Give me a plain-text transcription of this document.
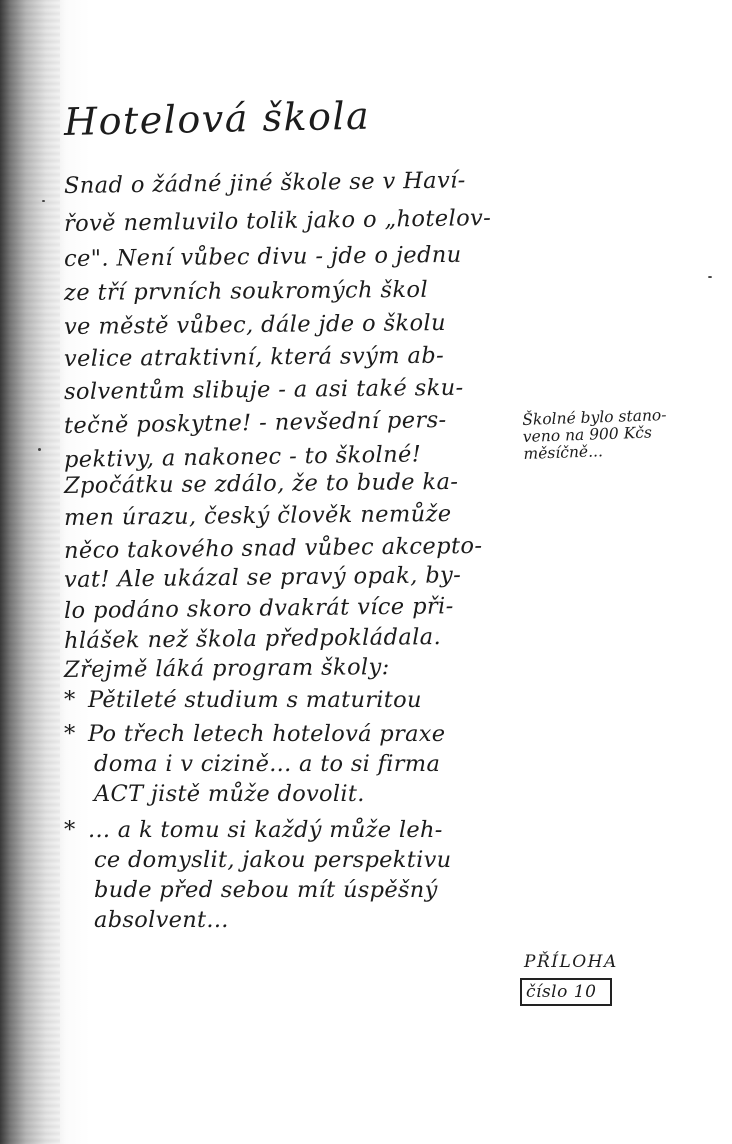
Hotelová škola
Snad o žádné jiné škole se v Haví-
řově nemluvilo tolik jako o „hotelov-
ce". Není vůbec divu - jde o jednu
ze tří prvních soukromých škol
ve městě vůbec, dále jde o školu
velice atraktivní, která svým ab-
solventům slibuje - a asi také sku-
tečně poskytne! - nevšední pers-
pektivy, a nakonec - to školné!
Zpočátku se zdálo, že to bude ka-
men úrazu, český člověk nemůže
něco takového snad vůbec akcepto-
vat! Ale ukázal se pravý opak, by-
lo podáno skoro dvakrát více při-
hlášek než škola předpokládala.
Zřejmě láká program školy:
* Pětileté studium s maturitou
* Po třech letech hotelová praxe
doma i v cizině... a to si firma
ACT jistě může dovolit.
* ... a k tomu si každý může leh-
ce domyslit, jakou perspektivu
bude před sebou mít úspěšný
absolvent...
Školné bylo stano-
veno na 900 Kčs
měsíčně...
PŘÍLOHA
číslo 10
